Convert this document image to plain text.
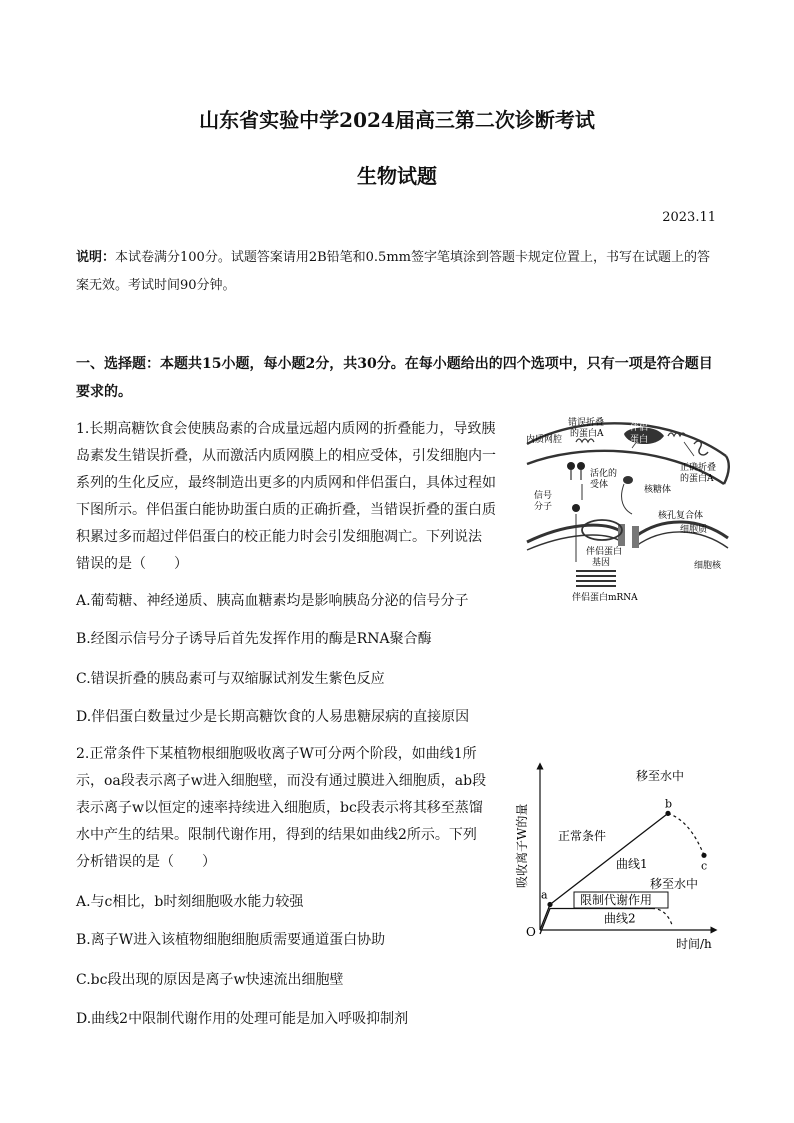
山东省实验中学2024届高三第二次诊断考试
生物试题
2023.11
说明：本试卷满分100分。试题答案请用2B铅笔和0.5mm签字笔填涂到答题卡规定位置上，书写在试题上的答案无效。考试时间90分钟。
一、选择题：本题共15小题，每小题2分，共30分。在每小题给出的四个选项中，只有一项是符合题目要求的。
1.长期高糖饮食会使胰岛素的合成量远超内质网的折叠能力，导致胰
岛素发生错误折叠，从而激活内质网膜上的相应受体，引发细胞内一
系列的生化反应，最终制造出更多的内质网和伴侣蛋白，具体过程如
下图所示。伴侣蛋白能协助蛋白质的正确折叠，当错误折叠的蛋白质
积累过多而超过伴侣蛋白的校正能力时会引发细胞凋亡。下列说法
错误的是（　　）
内质网腔
错误折叠
的蛋白A
伴侣
蛋白
正确折叠
的蛋白A
活化的
受体	核糖体
信号
分子
核孔复合体
细胞质
伴侣蛋白
基因	细胞核
伴侣蛋白mRNA
A.葡萄糖、神经递质、胰高血糖素均是影响胰岛分泌的信号分子
B.经图示信号分子诱导后首先发挥作用的酶是RNA聚合酶
C.错误折叠的胰岛素可与双缩脲试剂发生紫色反应
D.伴侣蛋白数量过少是长期高糖饮食的人易患糖尿病的直接原因
2.正常条件下某植物根细胞吸收离子W可分两个阶段，如曲线1所
示，oa段表示离子w进入细胞壁，而没有通过膜进入细胞质，ab段
表示离子w以恒定的速率持续进入细胞质，bc段表示将其移至蒸馏
水中产生的结果。限制代谢作用，得到的结果如曲线2所示。下列
分析错误的是（　　）
O
吸收离子W的量
时间/h
a
b
c
曲线1
曲线2
正常条件
移至水中
移至水中
限制代谢作用
A.与c相比，b时刻细胞吸水能力较强
B.离子W进入该植物细胞细胞质需要通道蛋白协助
C.bc段出现的原因是离子w快速流出细胞壁
D.曲线2中限制代谢作用的处理可能是加入呼吸抑制剂
